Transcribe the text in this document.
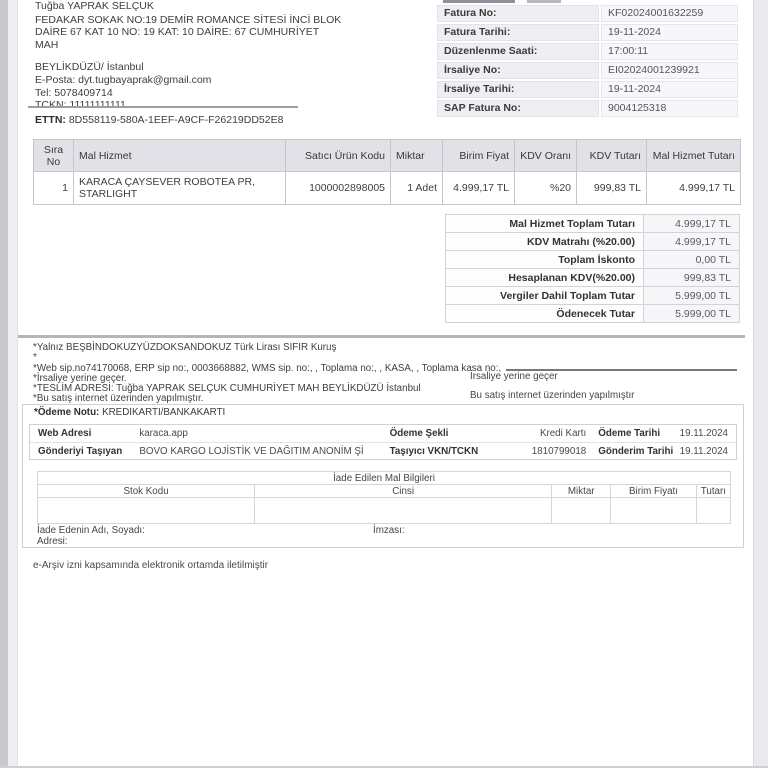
Tuğba YAPRAK SELÇUK
FEDAKAR SOKAK NO:19 DEMİR ROMANCE SİTESİ İNCİ BLOK
DAİRE 67 KAT 10 NO: 19 KAT: 10 DAİRE: 67 CUMHURİYET
MAH
BEYLİKDÜZÜ/ İstanbul
E-Posta: dyt.tugbayaprak@gmail.com
Tel: 5078409714
ETTN: 8D558119-580A-1EEF-A9CF-F26219DD52E8
Fatura No:	KF02024001632259
Fatura Tarihi:	19-11-2024
Düzenlenme Saati:	17:00:11
İrsaliye No:	EI02024001239921
İrsaliye Tarihi:	19-11-2024
SAP Fatura No:	9004125318
Sıra No	Mal Hizmet	Satıcı Ürün Kodu	Miktar	Birim Fiyat	KDV Oranı	KDV Tutarı	Mal Hizmet Tutarı
1	KARACA ÇAYSEVER ROBOTEA PR, STARLIGHT	1000002898005	1 Adet	4.999,17 TL	%20	999,83 TL	4.999,17 TL
Mal Hizmet Toplam Tutarı	4.999,17 TL
KDV Matrahı (%20.00)	4.999,17 TL
Toplam İskonto	0,00 TL
Hesaplanan KDV(%20.00)	999,83 TL
Vergiler Dahil Toplam Tutar	5.999,00 TL
Ödenecek Tutar	5.999,00 TL
*Yalnız BEŞBİNDOKUZYÜZDOKSANDOKUZ Türk Lirası SIFIR Kuruş
*
*Web sip.no74170068, ERP sip no:, 0003668882, WMS sip. no:, , Toplama no:, , KASA, , Toplama kasa no:,
*İrsaliye yerine geçer.
*TESLİM ADRESİ: Tuğba YAPRAK SELÇUK CUMHURİYET MAH BEYLİKDÜZÜ İstanbul
*Bu satış internet üzerinden yapılmıştır.
İrsaliye yerine geçer
Bu satış internet üzerinden yapılmıştır
*Ödeme Notu: KREDIKARTI/BANKAKARTI
Web Adresi	karaca.app	Ödeme Şekli	Kredi Kartı	Ödeme Tarihi	19.11.2024
Gönderiyi Taşıyan	BOVO KARGO LOJİSTİK VE DAĞITIM ANONİM Şİ	Taşıyıcı VKN/TCKN	1810799018	Gönderim Tarihi 19.11.2024
İade Edilen Mal Bilgileri				
Stok Kodu	Cinsi	Miktar	Birim Fiyatı	Tutarı

İade Edenin Adı, Soyadı:	İmzası:
Adresi:
e-Arşiv izni kapsamında elektronik ortamda iletilmiştir
